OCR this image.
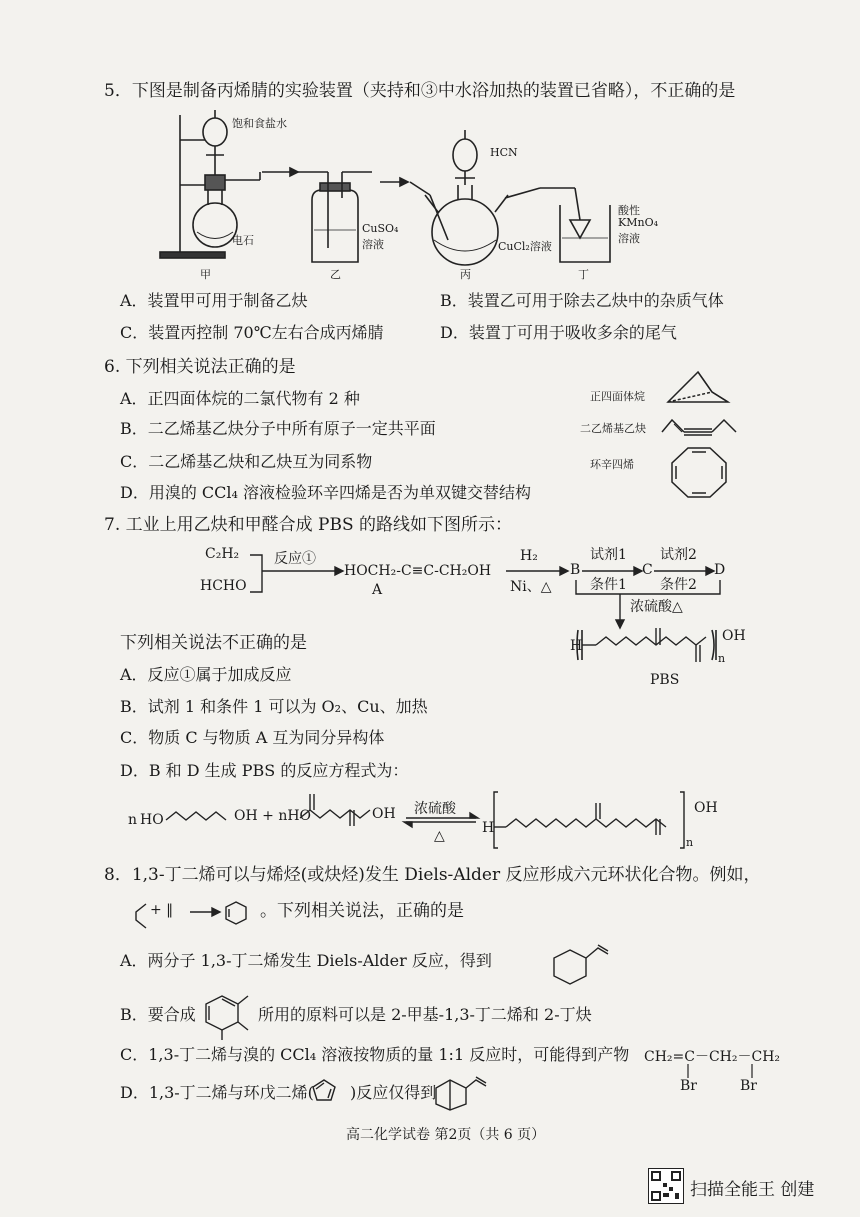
5．下图是制备丙烯腈的实验装置（夹持和③中水浴加热的装置已省略），不正确的是
饱和食盐水
电石
CuSO₄
溶液
HCN
CuCl₂溶液
酸性
KMnO₄
溶液
甲	乙	丙	丁
A．装置甲可用于制备乙炔	B．装置乙可用于除去乙炔中的杂质气体
C．装置丙控制 70℃左右合成丙烯腈	D．装置丁可用于吸收多余的尾气
6. 下列相关说法正确的是
A．正四面体烷的二氯代物有 2 种
B．二乙烯基乙炔分子中所有原子一定共平面
C．二乙烯基乙炔和乙炔互为同系物
D．用溴的 CCl₄ 溶液检验环辛四烯是否为单双键交替结构
正四面体烷
二乙烯基乙炔
环辛四烯
7. 工业上用乙炔和甲醛合成 PBS 的路线如下图所示：
C₂H₂
HCHO
反应①
HOCH₂-C≡C-CH₂OH
A
H₂
Ni、△
B
试剂1
条件1
C
试剂2
条件2
D
浓硫酸△
H
OH
n
PBS
下列相关说法不正确的是
A．反应①属于加成反应
B．试剂 1 和条件 1 可以为 O₂、Cu、加热
C．物质 C 与物质 A 互为同分异构体
D．B 和 D 生成 PBS 的反应方程式为：
n HO	OH + nHO	OH 浓硫酸
△	H
OH
n
8．1,3-丁二烯可以与烯烃(或炔烃)发生 Diels-Alder 反应形成六元环状化合物。例如，
+ ‖	。下列相关说法，正确的是
A．两分子 1,3-丁二烯发生 Diels-Alder 反应，得到
B．要合成	所用的原料可以是 2-甲基-1,3-丁二烯和 2-丁炔
C．1,3-丁二烯与溴的 CCl₄ 溶液按物质的量 1:1 反应时，可能得到产物 CH₂=C－CH₂－CH₂
Br	Br
D．1,3-丁二烯与环戊二烯( )反应仅得到
高二化学试卷 第2页（共 6 页）
扫描全能王 创建
